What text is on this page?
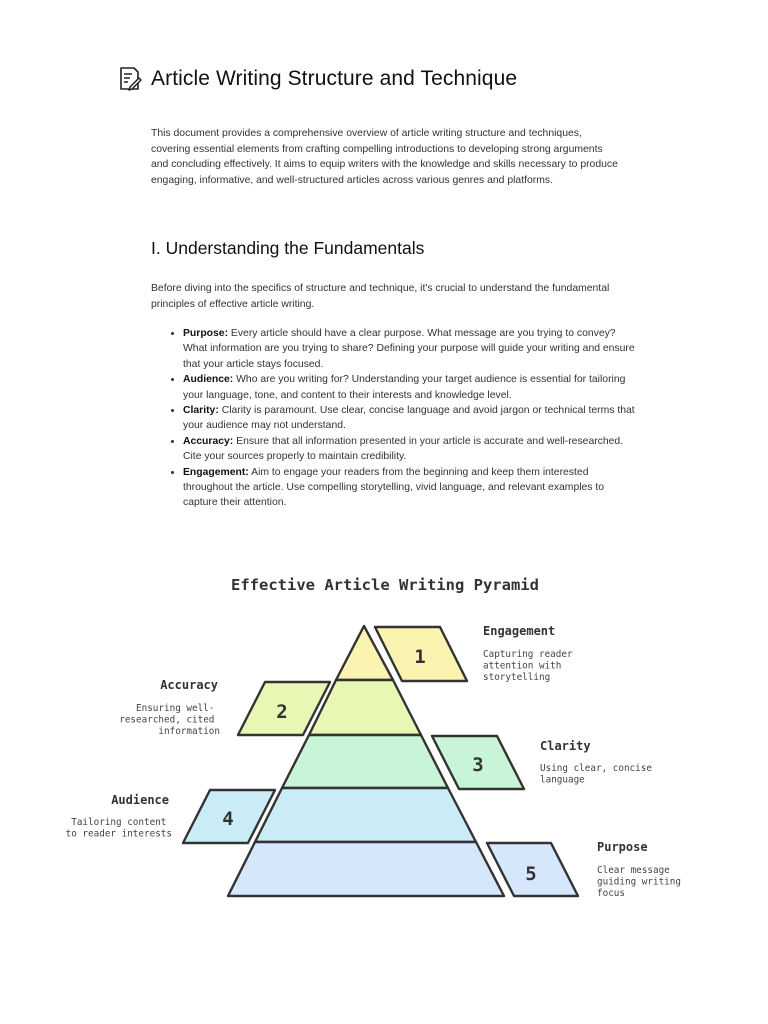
Article Writing Structure and Technique

This document provides a comprehensive overview of article writing structure and techniques, covering essential elements from crafting compelling introductions to developing strong arguments and concluding effectively. It aims to equip writers with the knowledge and skills necessary to produce engaging, informative, and well-structured articles across various genres and platforms.

I. Understanding the Fundamentals

Before diving into the specifics of structure and technique, it's crucial to understand the fundamental principles of effective article writing.

• Purpose: Every article should have a clear purpose. What message are you trying to convey? What information are you trying to share? Defining your purpose will guide your writing and ensure that your article stays focused.
• Audience: Who are you writing for? Understanding your target audience is essential for tailoring your language, tone, and content to their interests and knowledge level.
• Clarity: Clarity is paramount. Use clear, concise language and avoid jargon or technical terms that your audience may not understand.
• Accuracy: Ensure that all information presented in your article is accurate and well-researched. Cite your sources properly to maintain credibility.
• Engagement: Aim to engage your readers from the beginning and keep them interested throughout the article. Use compelling storytelling, vivid language, and relevant examples to capture their attention.
Effective Article Writing Pyramid
1
2
3
4
5
Engagement
Capturing reader attention with storytelling
Accuracy
Ensuring well- researched, cited information
Clarity
Using clear, concise language
Audience
Tailoring content to reader interests
Purpose
Clear message guiding writing focus
